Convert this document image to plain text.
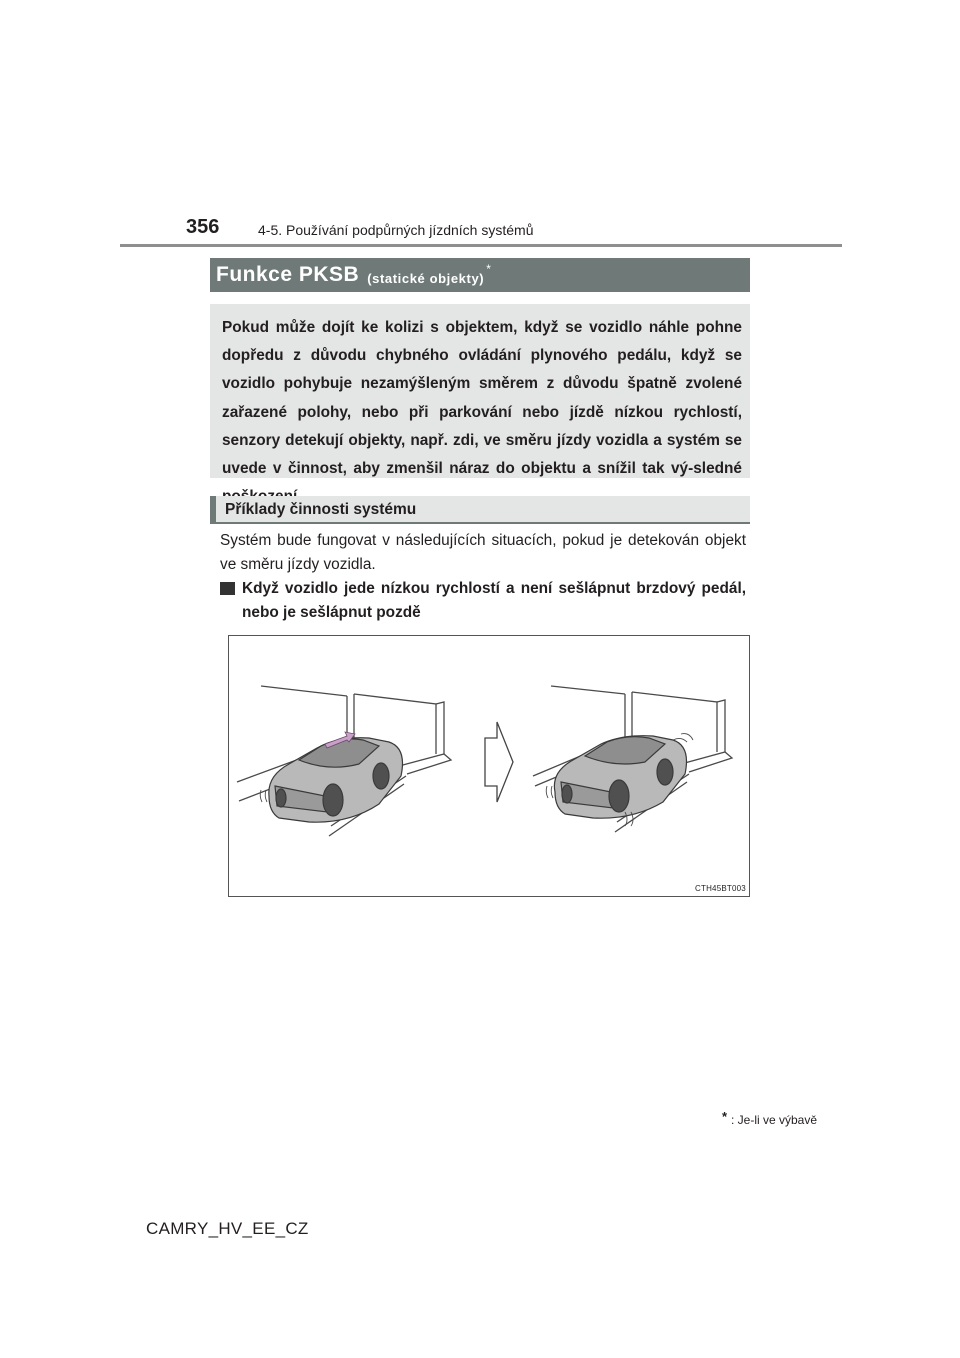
356	4-5. Používání podpůrných jízdních systémů
Funkce PKSB (statické objekty)
*

Pokud může dojít ke kolizi s objektem, když se vozidlo náhle pohne dopředu z důvodu chybného ovládání plynového pedálu, když se vozidlo pohybuje nezamýšleným směrem z důvodu špatně zvolené zařazené polohy, nebo při parkování nebo jízdě nízkou rychlostí, senzory detekují objekty, např. zdi, ve směru jízdy vozidla a systém se uvede v činnost, aby zmenšil náraz do objektu a snížil tak vý-sledné

Příklady činnosti systému

Systém bude fungovat v následujících situacích, pokud je detekován objekt ve směru jízdy vozidla.

Když vozidlo jede nízkou rychlostí a není sešlápnut brzdový pedál, nebo je sešlápnut pozdě

CTH45BT003
* : Je-li ve výbavě
CAMRY_HV_EE_CZ
